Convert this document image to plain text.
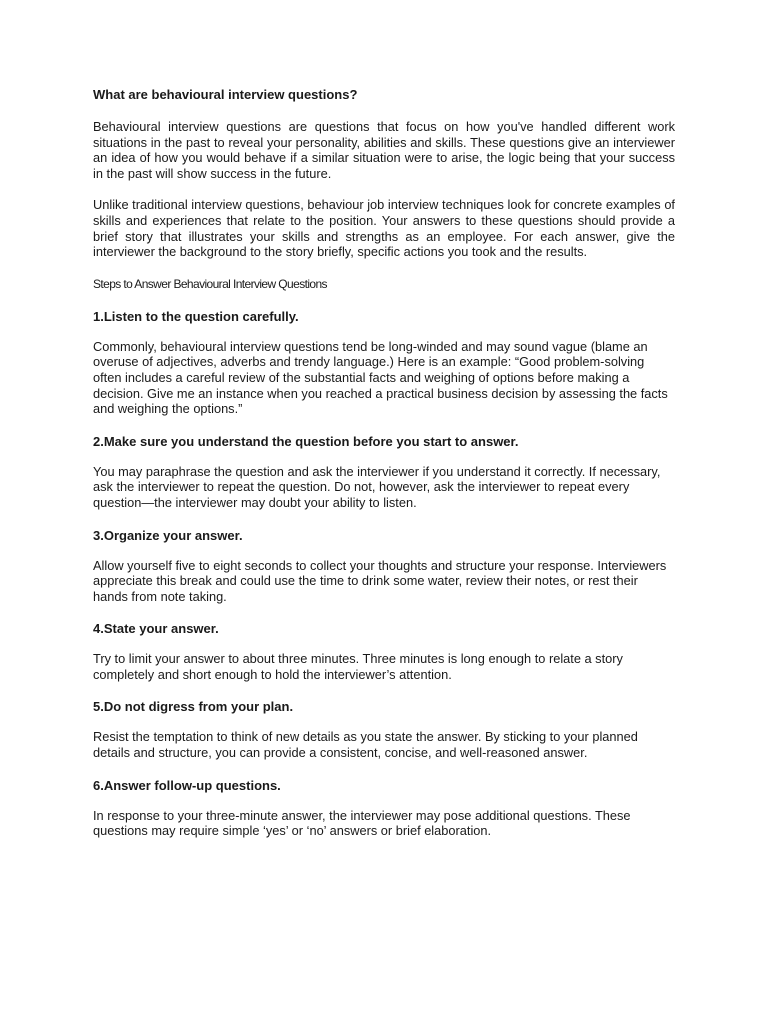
What are behavioural interview questions?

Behavioural interview questions are questions that focus on how you've handled different work situations in the past to reveal your personality, abilities and skills. These questions give an interviewer an idea of how you would behave if a similar situation were to arise, the logic being that your success in the past will show success in the future.

Unlike traditional interview questions, behaviour job interview techniques look for concrete examples of skills and experiences that relate to the position. Your answers to these questions should provide a brief story that illustrates your skills and strengths as an employee. For each answer, give the interviewer the background to the story briefly, specific actions you took and the results.

Steps to Answer Behavioural Interview Questions

1.Listen to the question carefully.

Commonly, behavioural interview questions tend be long-winded and may sound vague (blame an overuse of adjectives, adverbs and trendy language.) Here is an example: “Good problem-solving often includes a careful review of the substantial facts and weighing of options before making a decision. Give me an instance when you reached a practical business decision by assessing the facts and weighing the options.”

2.Make sure you understand the question before you start to answer.

You may paraphrase the question and ask the interviewer if you understand it correctly. If necessary, ask the interviewer to repeat the question. Do not, however, ask the interviewer to repeat every question—the interviewer may doubt your ability to listen.

3.Organize your answer.

Allow yourself five to eight seconds to collect your thoughts and structure your response. Interviewers appreciate this break and could use the time to drink some water, review their notes, or rest their hands from note taking.

4.State your answer.

Try to limit your answer to about three minutes. Three minutes is long enough to relate a story completely and short enough to hold the interviewer’s attention.

5.Do not digress from your plan.

Resist the temptation to think of new details as you state the answer. By sticking to your planned details and structure, you can provide a consistent, concise, and well-reasoned answer.

6.Answer follow-up questions.

In response to your three-minute answer, the interviewer may pose additional questions. These questions may require simple ‘yes’ or ‘no’ answers or brief elaboration.
